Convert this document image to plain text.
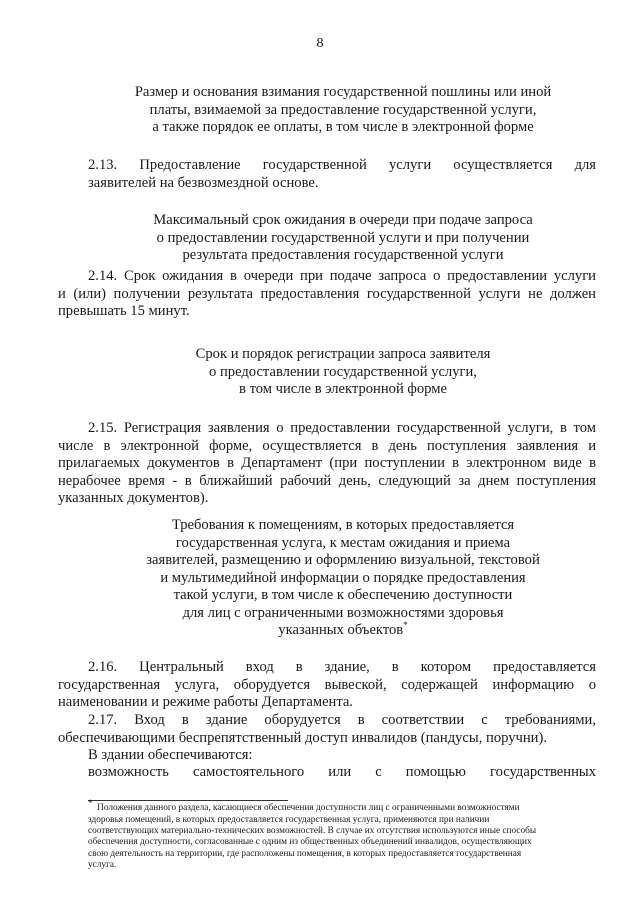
8
Размер и основания взимания государственной пошлины или иной
платы, взимаемой за предоставление государственной услуги,
а также порядок ее оплаты, в том числе в электронной форме
2.13. Предоставление государственной услуги осуществляется для
заявителей на безвозмездной основе.
Максимальный срок ожидания в очереди при подаче запроса
о предоставлении государственной услуги и при получении
результата предоставления государственной услуги
2.14. Срок ожидания в очереди при подаче запроса о предоставлении услуги
и (или) получении результата предоставления государственной услуги не должен
превышать 15 минут.
Срок и порядок регистрации запроса заявителя
о предоставлении государственной услуги,
в том числе в электронной форме
2.15. Регистрация заявления о предоставлении государственной услуги, в том
числе в электронной форме, осуществляется в день поступления заявления и
прилагаемых документов в Департамент (при поступлении в электронном виде в
нерабочее время - в ближайший рабочий день, следующий за днем поступления
указанных документов).
Требования к помещениям, в которых предоставляется
государственная услуга, к местам ожидания и приема
заявителей, размещению и оформлению визуальной, текстовой
и мультимедийной информации о порядке предоставления
такой услуги, в том числе к обеспечению доступности
для лиц с ограниченными возможностями здоровья
указанных объектов*
2.16. Центральный вход в здание, в котором предоставляется
государственная услуга, оборудуется вывеской, содержащей информацию о
наименовании и режиме работы Департамента.
2.17. Вход в здание оборудуется в соответствии с требованиями,
обеспечивающими беспрепятственный доступ инвалидов (пандусы, поручни).
В здании обеспечиваются:
возможность самостоятельного или с помощью государственных
*  Положения данного раздела, касающиеся обеспечения доступности лиц с ограниченными возможностями
здоровья помещений, в которых предоставляется государственная услуга, применяются при наличии
соответствующих материально-технических возможностей. В случае их отсутствия используются иные способы
обеспечения доступности, согласованные с одним из общественных объединений инвалидов, осуществляющих
свою деятельность на территории, где расположены помещения, в которых предоставляется государственная
услуга.
